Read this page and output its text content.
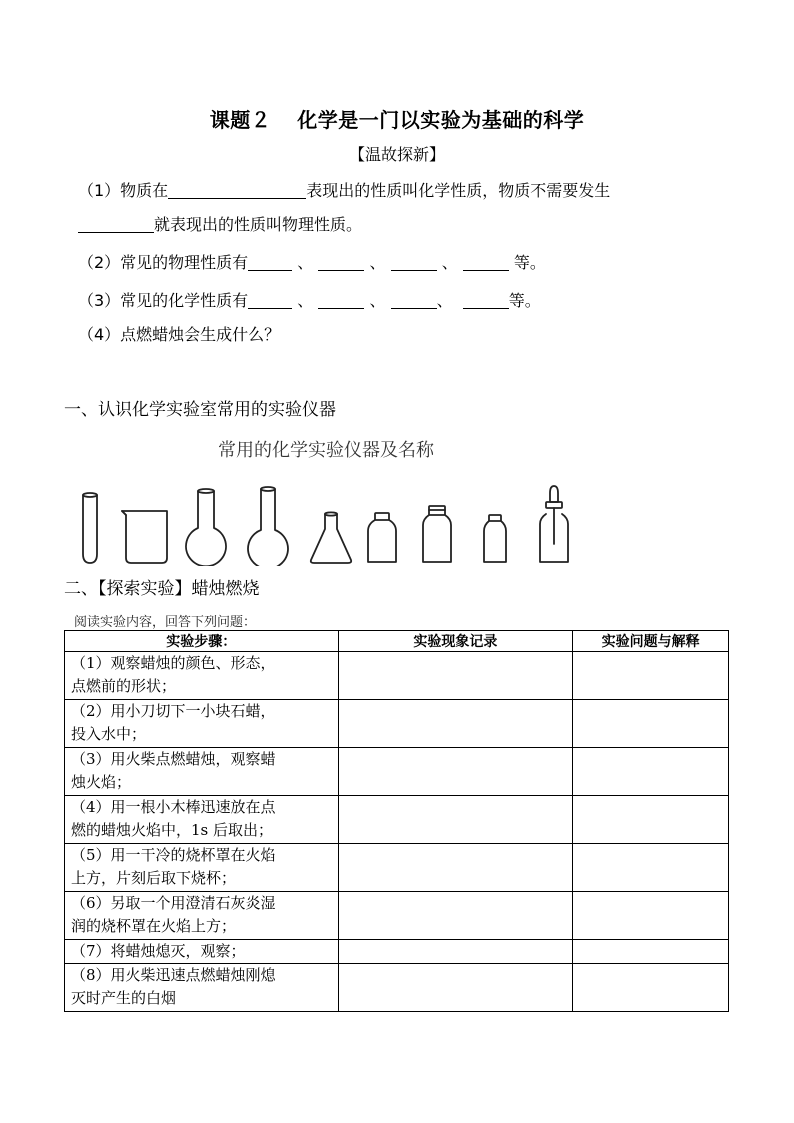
课题２ 化学是一门以实验为基础的科学
【温故探新】
（1）物质在	表现出的性质叫化学性质，物质不需要发生
就表现出的性质叫物理性质。
（2）常见的物理性质有	、	、	、	等。
（3）常见的化学性质有	、	、	、	等。
（4）点燃蜡烛会生成什么？
一、认识化学实验室常用的实验仪器
常用的化学实验仪器及名称
二、【探索实验】蜡烛燃烧
阅读实验内容，回答下列问题：
实验步骤：	实验现象记录	实验问题与解释

（1）观察蜡烛的颜色、形态，
点燃前的形状；		

（2）用小刀切下一小块石蜡，
投入水中；		

（3）用火柴点燃蜡烛，观察蜡
烛火焰；		

（4）用一根小木棒迅速放在点
燃的蜡烛火焰中，1s 后取出；		

（5）用一干冷的烧杯罩在火焰
上方，片刻后取下烧杯；		

（6）另取一个用澄清石灰炎湿
润的烧杯罩在火焰上方；		

（7）将蜡烛熄灭，观察；		

（8）用火柴迅速点燃蜡烛刚熄
灭时产生的白烟		
